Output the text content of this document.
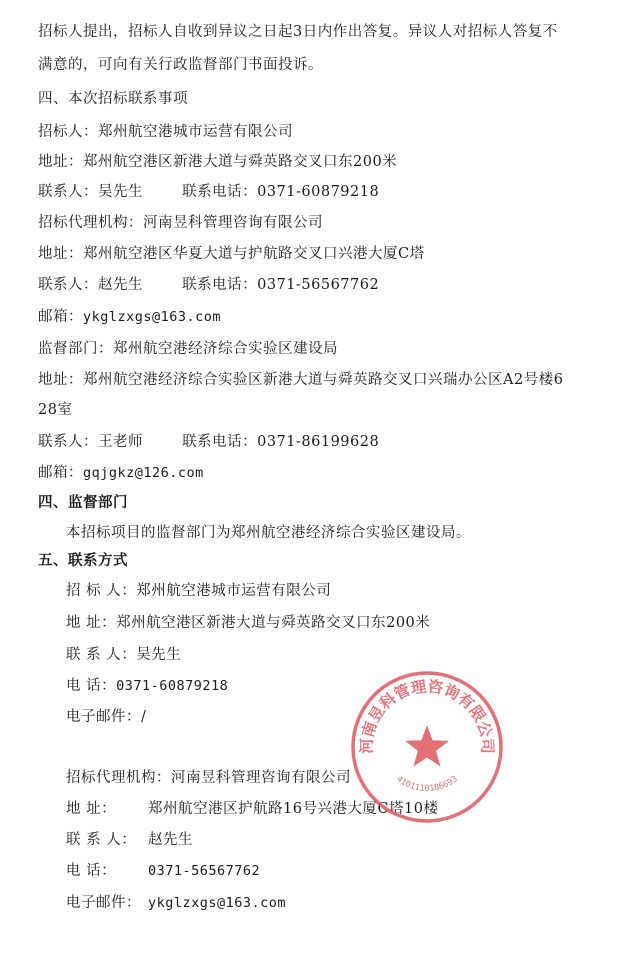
招标人提出，招标人自收到异议之日起3日内作出答复。异议人对招标人答复不
满意的，可向有关行政监督部门书面投诉。
四、本次招标联系事项
招标人：郑州航空港城市运营有限公司
地址：郑州航空港区新港大道与舜英路交叉口东200米
联系人：吴先生	联系电话：0371-60879218
招标代理机构：河南昱科管理咨询有限公司
地址：郑州航空港区华夏大道与护航路交叉口兴港大厦C塔
联系人：赵先生	联系电话：0371-56567762
邮箱：ykglzxgs@163.com
监督部门：郑州航空港经济综合实验区建设局
地址：郑州航空港经济综合实验区新港大道与舜英路交叉口兴瑞办公区A2号楼6
28室
联系人：王老师	联系电话：0371-86199628
邮箱：gqjgkz@126.com
四、监督部门
本招标项目的监督部门为郑州航空港经济综合实验区建设局。
五、联系方式
招 标 人：郑州航空港城市运营有限公司
地 址：郑州航空港区新港大道与舜英路交叉口东200米
联 系 人：吴先生
电 话：0371-60879218
电子邮件：/
招标代理机构：河南昱科管理咨询有限公司
地 址： 郑州航空港区护航路16号兴港大厦C塔10楼
联 系 人： 赵先生
电 话： 0371-56567762
电子邮件： ykglzxgs@163.com
河南昱科管理咨询有限公司
4101110186693
